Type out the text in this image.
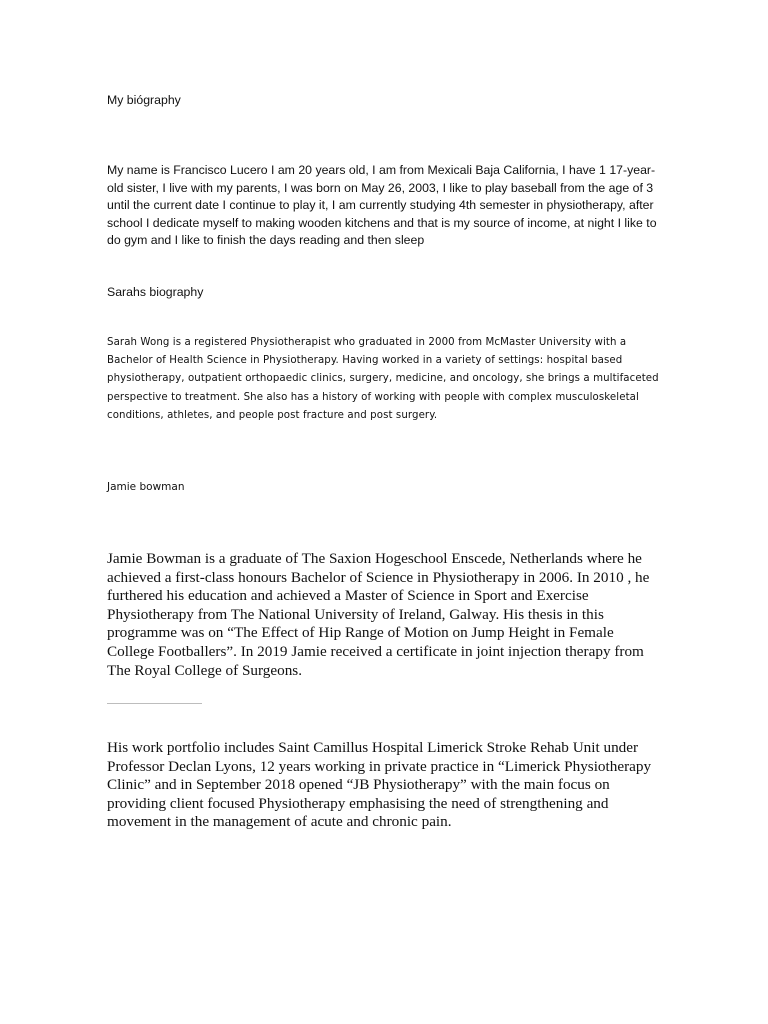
My biógraphy

My name is Francisco Lucero I am 20 years old, I am from Mexicali Baja California, I have 1 17-year-old sister, I live with my parents, I was born on May 26, 2003, I like to play baseball from the age of 3 until the current date I continue to play it, I am currently studying 4th semester in physiotherapy, after school I dedicate myself to making wooden kitchens and that is my source of income, at night I like to do gym and I like to finish the days reading and then sleep

Sarahs biography

Sarah Wong is a registered Physiotherapist who graduated in 2000 from McMaster University with a Bachelor of Health Science in Physiotherapy. Having worked in a variety of settings: hospital based physiotherapy, outpatient orthopaedic clinics, surgery, medicine, and oncology, she brings a multifaceted perspective to treatment. She also has a history of working with people with complex musculoskeletal conditions, athletes, and people post fracture and post surgery.

Jamie bowman

Jamie Bowman is a graduate of The Saxion Hogeschool Enscede, Netherlands where he achieved a first-class honours Bachelor of Science in Physiotherapy in 2006. In 2010 , he furthered his education and achieved a Master of Science in Sport and Exercise Physiotherapy from The National University of Ireland, Galway. His thesis in this programme was on “The Effect of Hip Range of Motion on Jump Height in Female College Footballers”. In 2019 Jamie received a certificate in joint injection therapy from The Royal College of Surgeons.

His work portfolio includes Saint Camillus Hospital Limerick Stroke Rehab Unit under Professor Declan Lyons, 12 years working in private practice in “Limerick Physiotherapy Clinic” and in September 2018 opened “JB Physiotherapy” with the main focus on providing client focused Physiotherapy emphasising the need of strengthening and movement in the management of acute and chronic pain.
